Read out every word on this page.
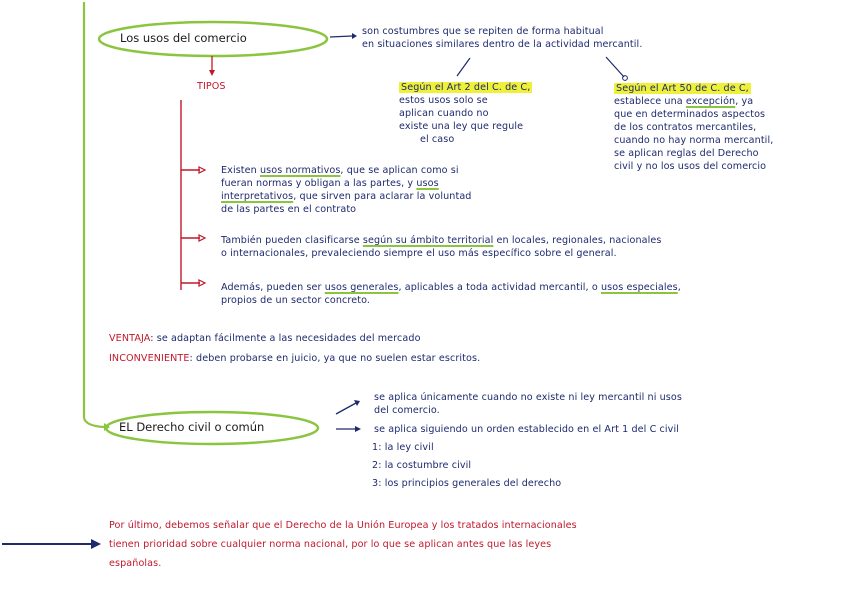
Los usos del comercio	son costumbres que se repiten de forma habitual
en situaciones similares dentro de la actividad mercantil.
TIPOS	Según el Art 2 del C. de C,
estos usos solo se
aplican cuando no
existe una ley que regule
el caso
Según el Art 50 de C. de C,
establece una excepción, ya
que en determinados aspectos
de los contratos mercantiles,
cuando no hay norma mercantil,
se aplican reglas del Derecho
civil y no los usos del comercio
Existen usos normativos, que se aplican como si
fueran normas y obligan a las partes, y usos
interpretativos, que sirven para aclarar la voluntad
de las partes en el contrato
También pueden clasificarse según su ámbito territorial en locales, regionales, nacionales
o internacionales, prevaleciendo siempre el uso más específico sobre el general.
Además, pueden ser usos generales, aplicables a toda actividad mercantil, o usos especiales,
propios de un sector concreto.
VENTAJA: se adaptan fácilmente a las necesidades del mercado
INCONVENIENTE: deben probarse en juicio, ya que no suelen estar escritos.
EL Derecho civil o común
se aplica únicamente cuando no existe ni ley mercantil ni usos
del comercio.
se aplica siguiendo un orden establecido en el Art 1 del C civil
1: la ley civil
2: la costumbre civil
3: los principios generales del derecho
Por último, debemos señalar que el Derecho de la Unión Europea y los tratados internacionales
tienen prioridad sobre cualquier norma nacional, por lo que se aplican antes que las leyes
españolas.
